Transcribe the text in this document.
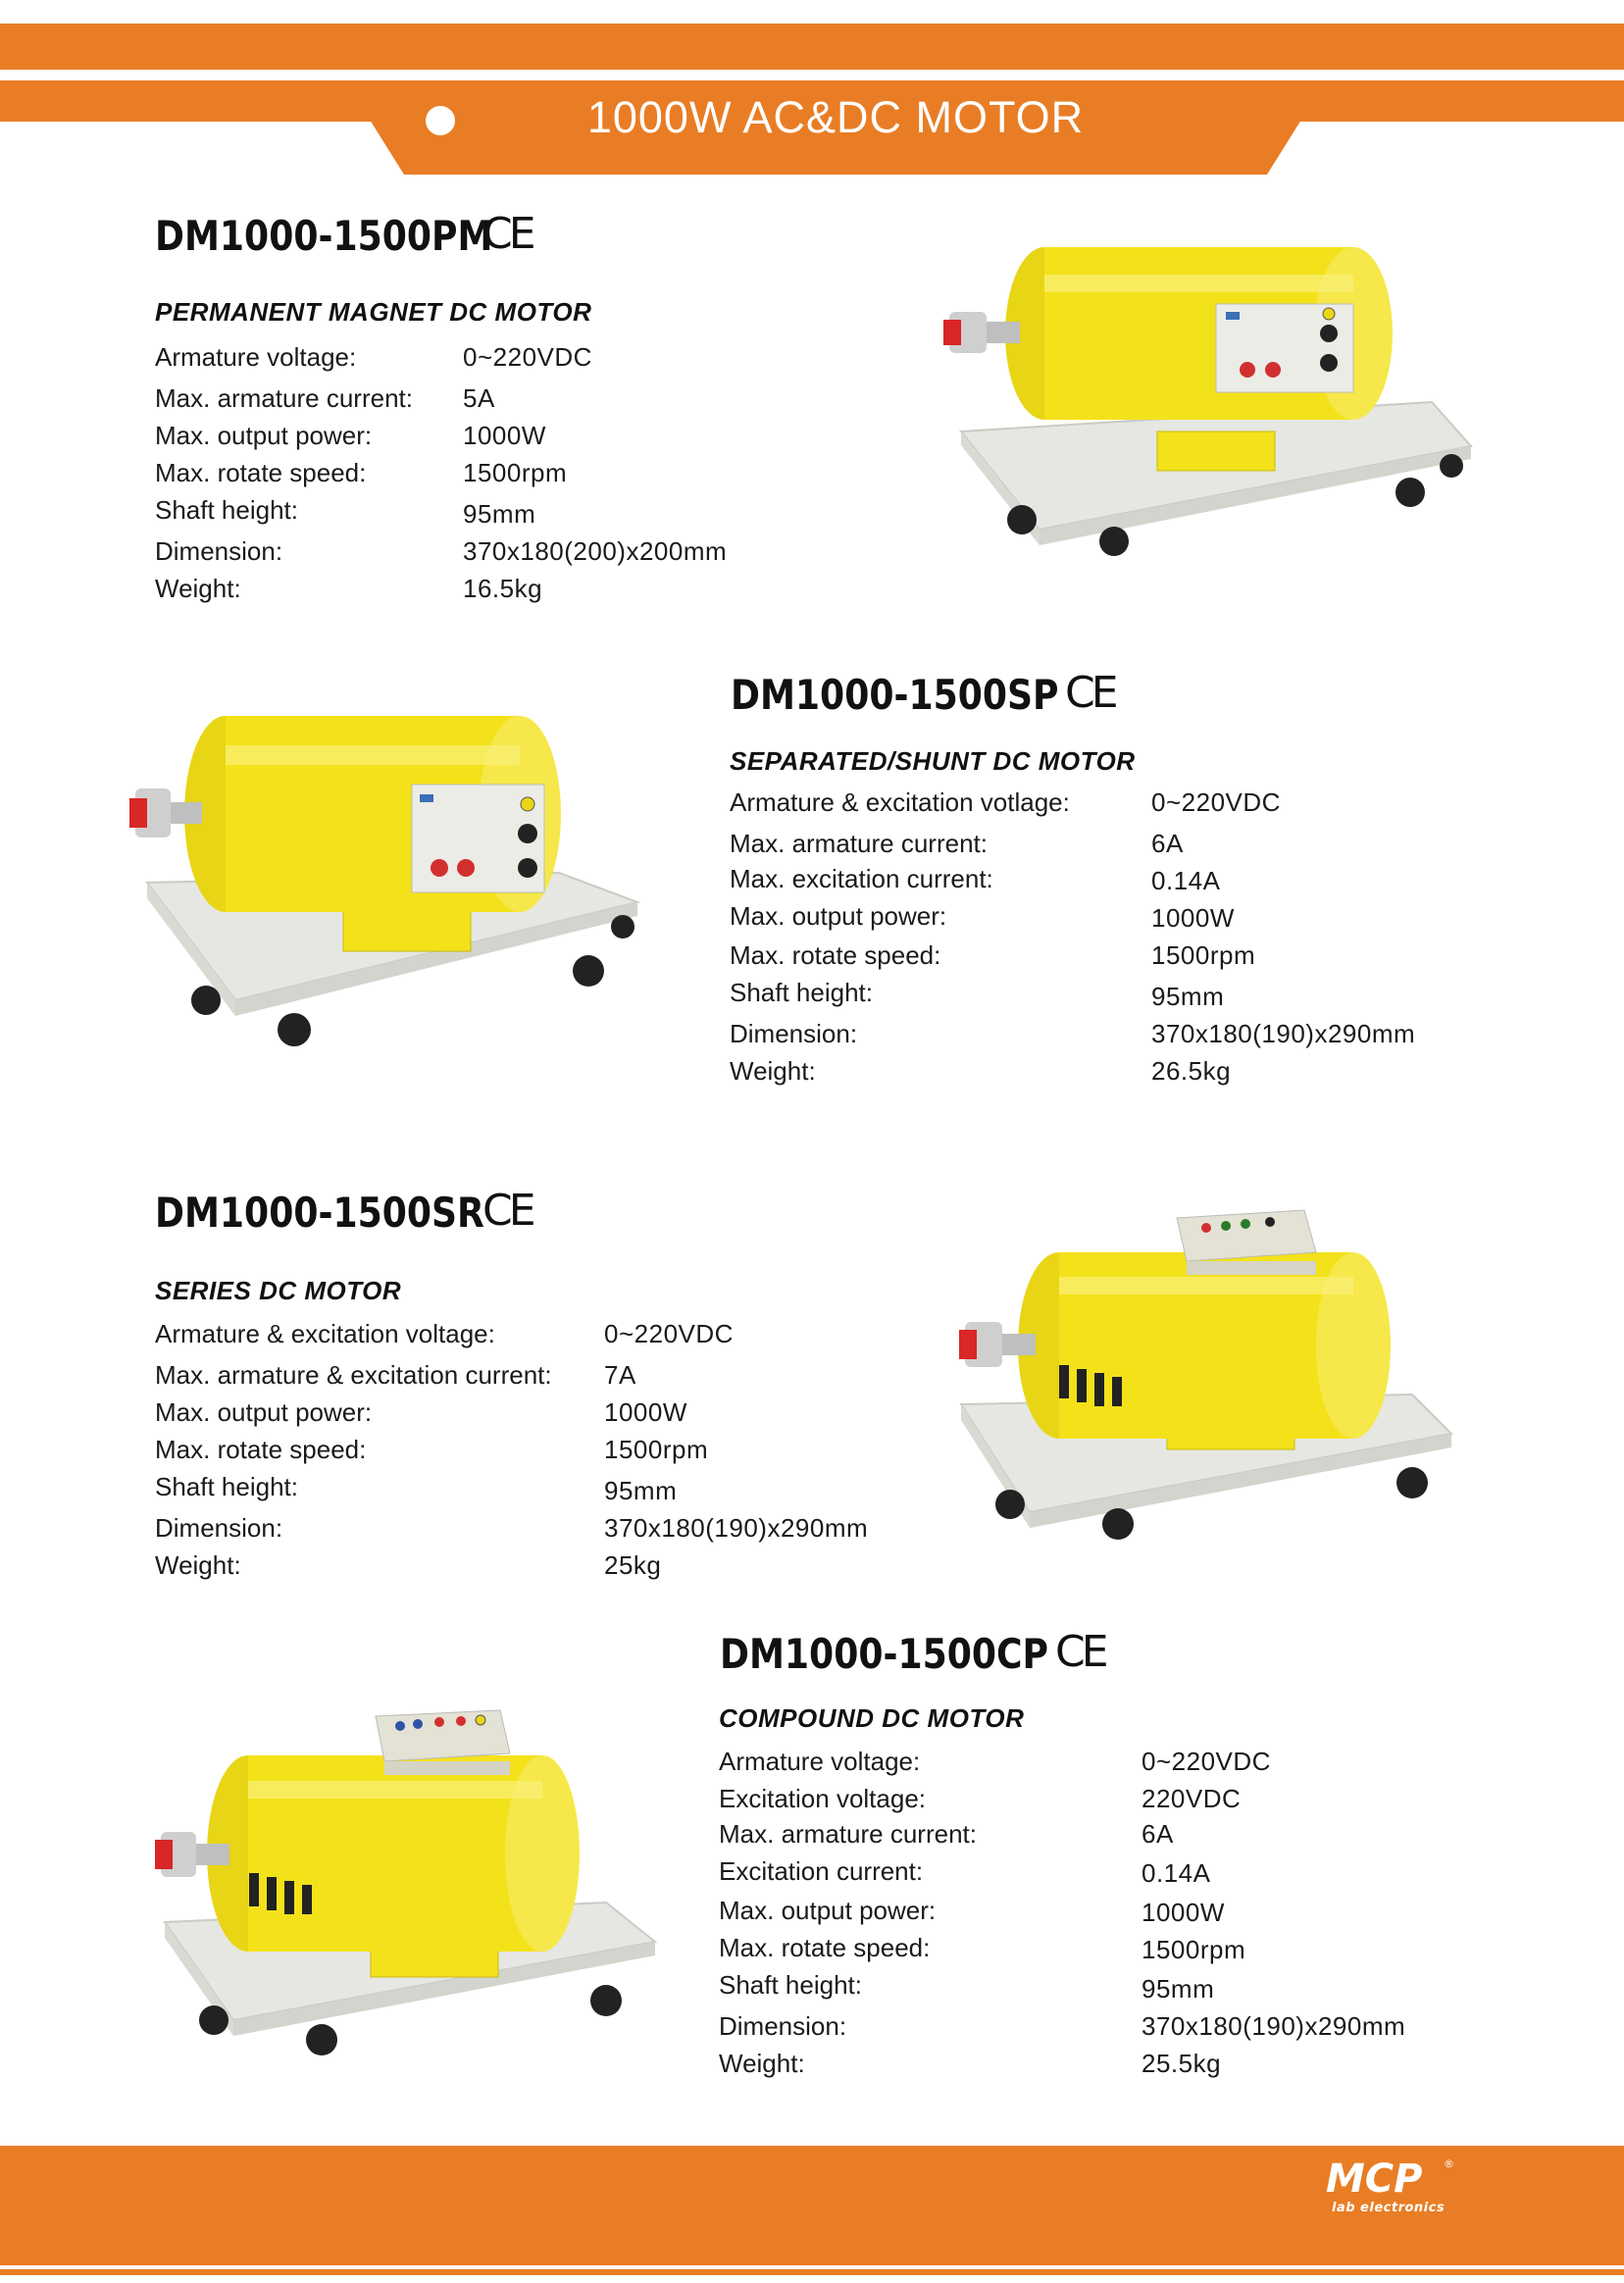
1000W AC&DC MOTOR
DM1000-1500PM
CE
PERMANENT MAGNET DC MOTOR
Armature voltage:	0~220VDC
Max. armature current: 5A
Max. output power:	1000W
Max. rotate speed:	1500rpm
Shaft height:	95mm
Dimension:	370x180(200)x200mm
Weight:	16.5kg
DM1000-1500SP CE
SEPARATED/SHUNT DC MOTOR
Armature & excitation votlage:	0~220VDC
Max. armature current:	6A
Max. excitation current:	0.14A
Max. output power:	1000W
Max. rotate speed:	1500rpm
Shaft height:	95mm
Dimension:	370x180(190)x290mm
Weight:	26.5kg
DM1000-1500SR
CE
SERIES DC MOTOR
Armature & excitation voltage:	0~220VDC
Max. armature & excitation current: 7A
Max. output power:	1000W
Max. rotate speed:	1500rpm
Shaft height:	95mm
Dimension:	370x180(190)x290mm
Weight:	25kg
DM1000-1500CP CE
COMPOUND DC MOTOR
Armature voltage:	0~220VDC
Excitation voltage:	220VDC
Max. armature current:	6A
Excitation current:	0.14A
Max. output power:	1000W
Max. rotate speed:	1500rpm
Shaft height:	95mm
Dimension:	370x180(190)x290mm
Weight:	25.5kg
MCP	®
lab electronics
